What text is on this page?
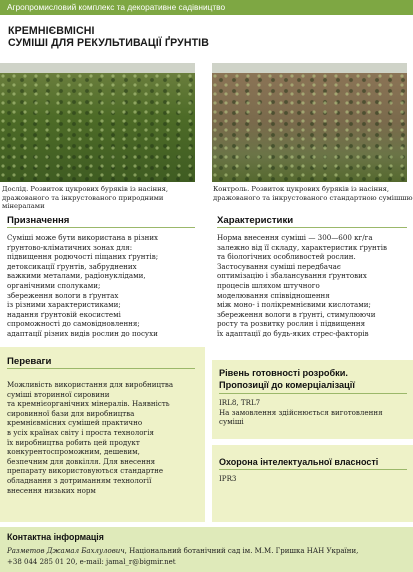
Агропромисловий комплекс та декоративне садівництво
КРЕМНІЄВМІСНІ
СУМІШІ ДЛЯ РЕКУЛЬТИВАЦІЇ ҐРУНТІВ
Дослід. Розвиток цукрових буряків із насіння,
дражованого та інкрустованого природними мінералами
Контроль. Розвиток цукрових буряків із насіння,
дражованого та інкрустованого стандартною сумішшю
Призначення
Суміші може бути використана в різних
ґрунтово-кліматичних зонах для:
підвищення родючості піщаних ґрунтів;
детоксикації ґрунтів, забруднених
важкими металами, радіонуклідами,
органічними сполуками;
збереження вологи в ґрунтах
із різними характеристиками;
надання ґрунтовій екосистемі
спроможності до самовідновлення;
адаптації різних видів рослин до посухи
Характеристики
Норма внесення суміші — 300—600 кг/га
залежно від її складу, характеристик ґрунтів
та біологічних особливостей рослин.
Застосування суміші передбачає
оптимізацію і збалансування ґрунтових
процесів шляхом штучного
моделювання співвідношення
між моно- і полікремнієвими кислотами;
збереження вологи в ґрунті, стимулюючи
росту та розвитку рослин і підвищення
їх адаптації до будь-яких стрес-факторів
Переваги
Можливість використання для виробництва
суміші вторинної сировини
та кремнієорганічних мінералів. Наявність
сировинної бази для виробництва
кремнієвмісних сумішей практично
в усіх країнах світу і проста технологія
їх виробництва робить цей продукт
конкурентоспроможним, дешевим,
безпечним для довкілля. Для внесення
препарату використовуються стандартне
обладнання з дотриманням технології
внесення низьких норм
Рівень готовності розробки.
Пропозиції до комерціалізації
IRL8, TRL7
На замовлення здійснюється виготовлення
суміші
Охорона інтелектуальної власності
IPR3
Контактна інформація
Разметов Джамал Бахлулович, Національний ботанічний сад ім. М.М. Гришка НАН України,
+38 044 285 01 20, e-mail: jamal_r@bigmir.net
